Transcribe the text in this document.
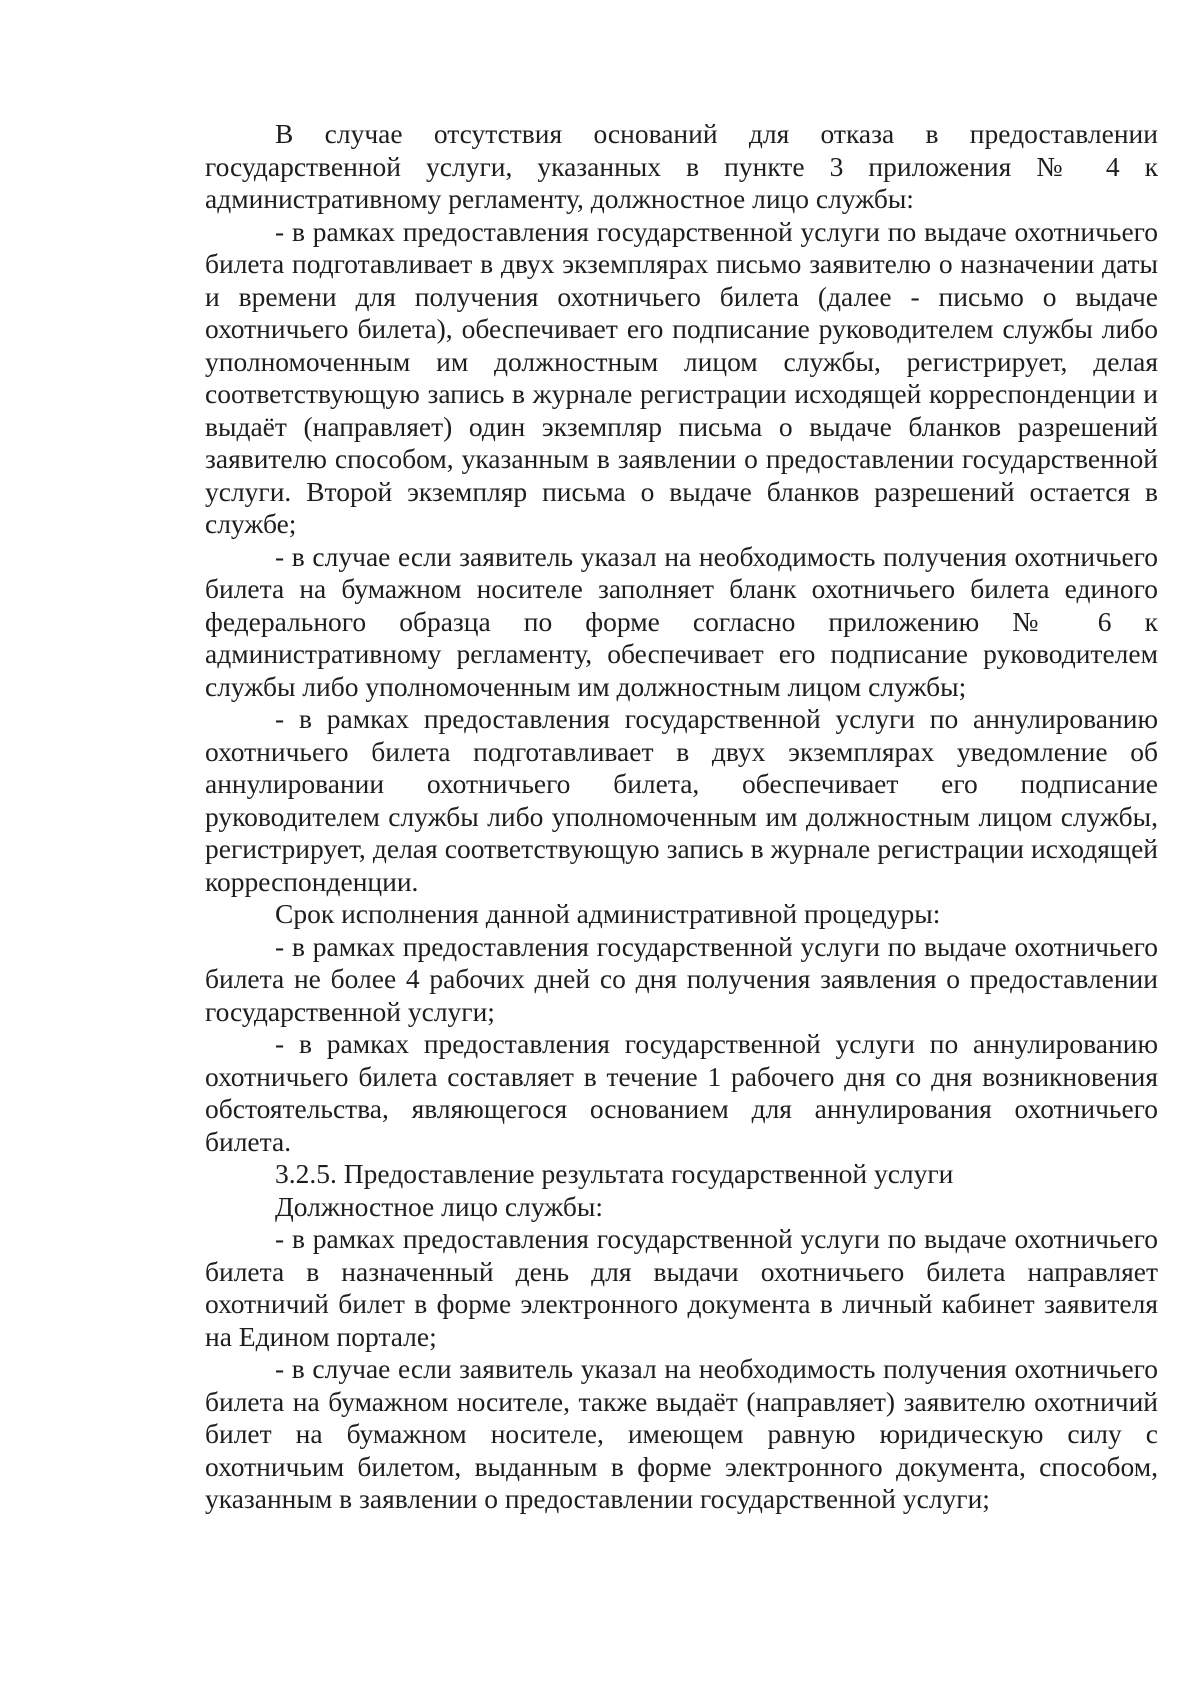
В случае отсутствия оснований для отказа в предоставлении государственной услуги, указанных в пункте 3 приложения № 4 к административному регламенту, должностное лицо службы:

- в рамках предоставления государственной услуги по выдаче охотничьего билета подготавливает в двух экземплярах письмо заявителю о назначении даты и времени для получения охотничьего билета (далее - письмо о выдаче охотничьего билета), обеспечивает его подписание руководителем службы либо уполномоченным им должностным лицом службы, регистрирует, делая соответствующую запись в журнале регистрации исходящей корреспонденции и выдаёт (направляет) один экземпляр письма о выдаче бланков разрешений заявителю способом, указанным в заявлении о предоставлении государственной услуги. Второй экземпляр письма о выдаче бланков разрешений остается в службе;

- в случае если заявитель указал на необходимость получения охотничьего билета на бумажном носителе заполняет бланк охотничьего билета единого федерального образца по форме согласно приложению № 6 к административному регламенту, обеспечивает его подписание руководителем службы либо уполномоченным им должностным лицом службы;

- в рамках предоставления государственной услуги по аннулированию охотничьего билета подготавливает в двух экземплярах уведомление об аннулировании охотничьего билета, обеспечивает его подписание руководителем службы либо уполномоченным им должностным лицом службы, регистрирует, делая соответствующую запись в журнале регистрации исходящей корреспонденции.

Срок исполнения данной административной процедуры:

- в рамках предоставления государственной услуги по выдаче охотничьего билета не более 4 рабочих дней со дня получения заявления о предоставлении государственной услуги;

- в рамках предоставления государственной услуги по аннулированию охотничьего билета составляет в течение 1 рабочего дня со дня возникновения обстоятельства, являющегося основанием для аннулирования охотничьего билета.

3.2.5. Предоставление результата государственной услуги

Должностное лицо службы:

- в рамках предоставления государственной услуги по выдаче охотничьего билета в назначенный день для выдачи охотничьего билета направляет охотничий билет в форме электронного документа в личный кабинет заявителя на Едином портале;

- в случае если заявитель указал на необходимость получения охотничьего билета на бумажном носителе, также выдаёт (направляет) заявителю охотничий билет на бумажном носителе, имеющем равную юридическую силу с охотничьим билетом, выданным в форме электронного документа, способом, указанным в заявлении о предоставлении государственной услуги;
